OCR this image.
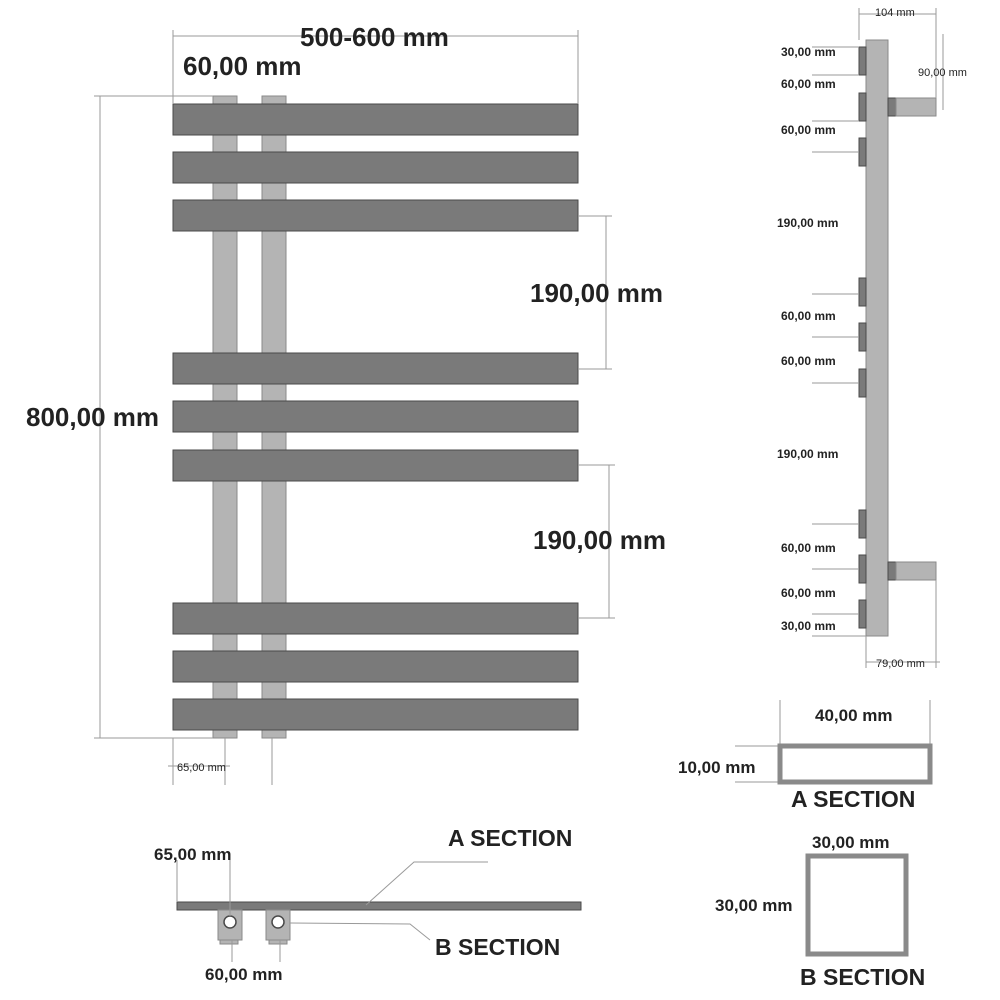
500-600 mm
60,00 mm
800,00 mm
190,00 mm
190,00 mm
65,00 mm
104 mm
90,00 mm
79,00 mm
30,00 mm
60,00 mm
60,00 mm
190,00 mm
60,00 mm
60,00 mm
190,00 mm
60,00 mm
60,00 mm
30,00 mm
40,00 mm
10,00 mm
A SECTION
30,00 mm
30,00 mm
B SECTION
65,00 mm
60,00 mm
A SECTION
B SECTION
